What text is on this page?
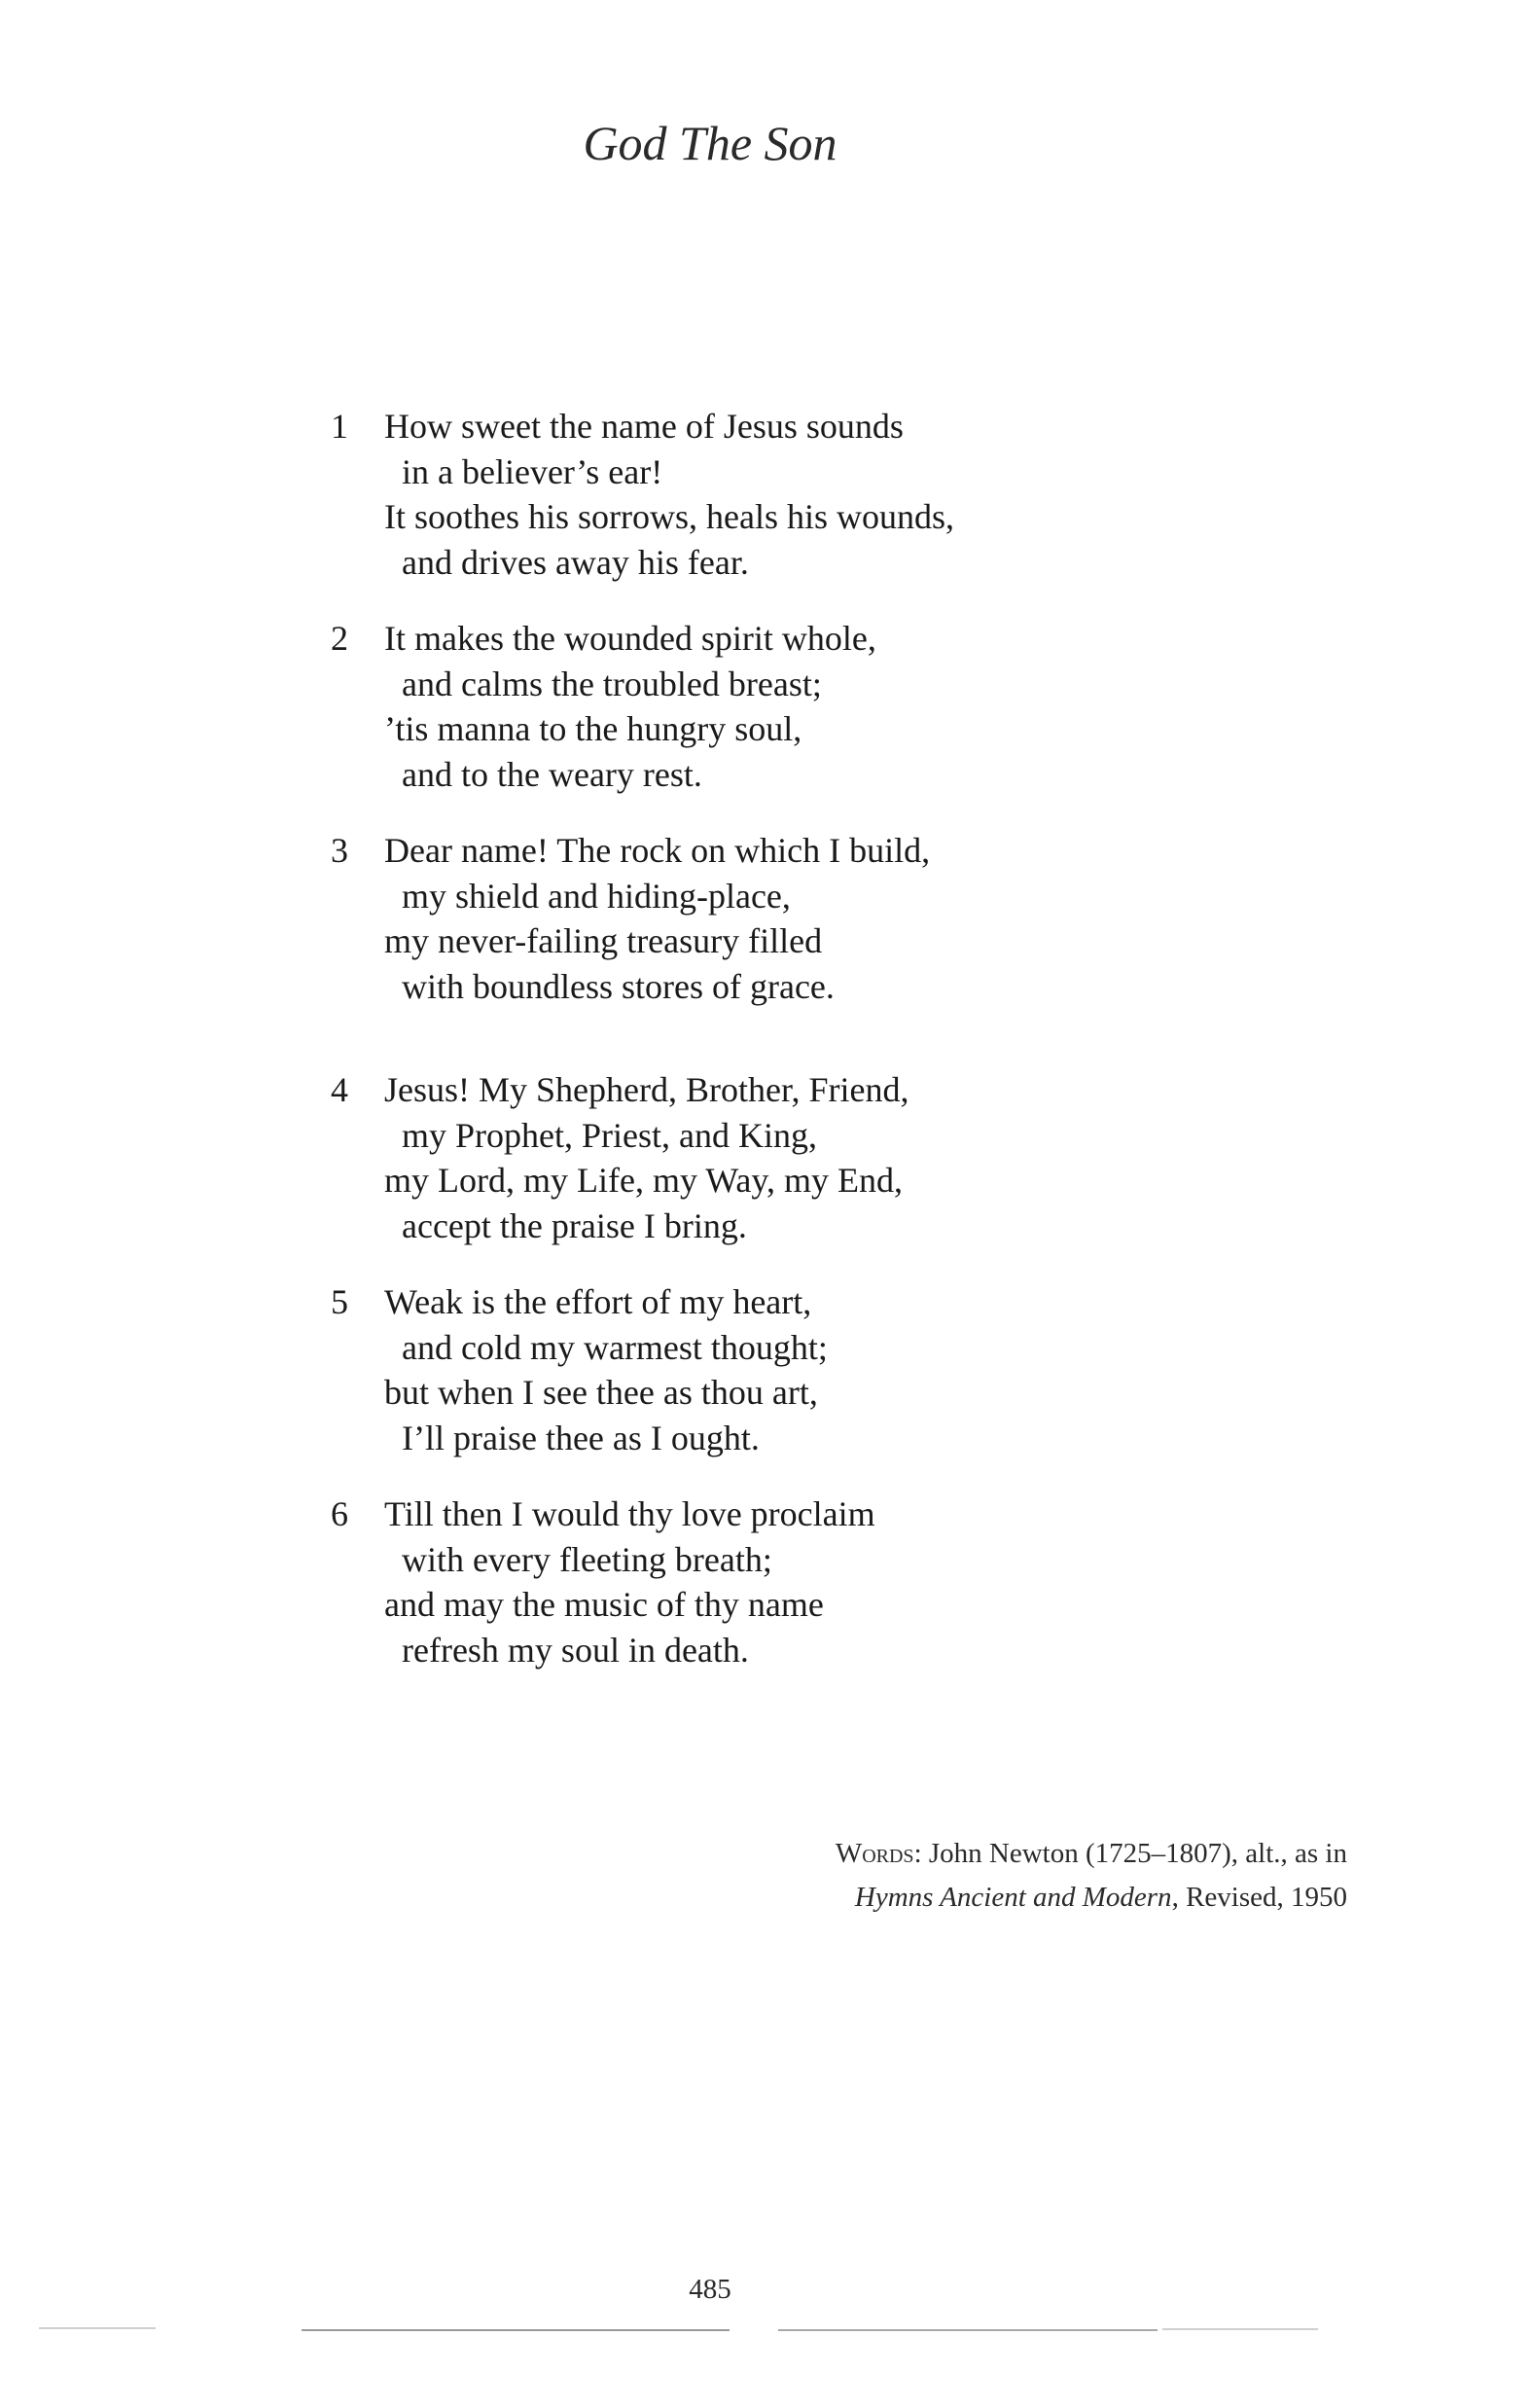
God The Son
1	How sweet the name of Jesus sounds
in a believer’s ear!
It soothes his sorrows, heals his wounds,
and drives away his fear.
2	It makes the wounded spirit whole,
and calms the troubled breast;
’tis manna to the hungry soul,
and to the weary rest.
3	Dear name! The rock on which I build,
my shield and hiding-place,
my never-failing treasury filled
with boundless stores of grace.
4	Jesus! My Shepherd, Brother, Friend,
my Prophet, Priest, and King,
my Lord, my Life, my Way, my End,
accept the praise I bring.
5	Weak is the effort of my heart,
and cold my warmest thought;
but when I see thee as thou art,
I’ll praise thee as I ought.
6	Till then I would thy love proclaim
with every fleeting breath;
and may the music of thy name
refresh my soul in death.
Words: John Newton (1725–1807), alt., as in
Hymns Ancient and Modern, Revised, 1950
485
